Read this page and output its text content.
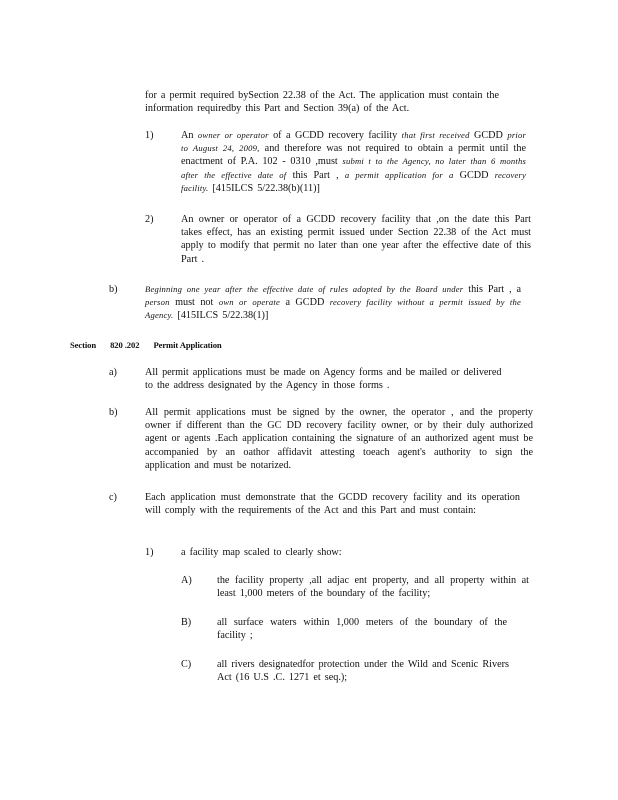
for a permit required bySection 22.38 of the Act. The application must contain the information requiredby this Part and Section 39(a) of the Act.
1)	An owner or operator of a GCDD recovery facility that first received GCDD prior to August 24, 2009, and therefore was not required to obtain a permit until the enactment of P.A. 102 - 0310 ,must submi t to the Agency, no later than 6 months after the effective date of this Part , a permit application for a GCDD recovery facility. [415ILCS 5/22.38(b)(11)]
2)	An owner or operator of a GCDD recovery facility that ,on the date this Part takes effect, has an existing permit issued under Section 22.38 of the Act must apply to modify that permit no later than one year after the effective date of this Part .
b)	Beginning one year after the effective date of rules adopted by the Board under this Part , a person must not own or operate a GCDD recovery facility without a permit issued by the Agency. [415ILCS 5/22.38(1)]
Section 820 .202 Permit Application
a)	All permit applications must be made on Agency forms and be mailed or delivered to the address designated by the Agency in those forms .
b)	All permit applications must be signed by the owner, the operator , and the property owner if different than the GC DD recovery facility owner, or by their duly authorized agent or agents .Each application containing the signature of an authorized agent must be accompanied by an oathor affidavit attesting toeach agent's authority to sign the application and must be notarized.
c)	Each application must demonstrate that the GCDD recovery facility and its operation will comply with the requirements of the Act and this Part and must contain:
1)	a facility map scaled to clearly show:
A) the facility property ,all adjac ent property, and all property within at least 1,000 meters of the boundary of the facility;
B)	all surface waters within 1,000 meters of the boundary of the facility ;
C)	all rivers designatedfor protection under the Wild and Scenic Rivers Act (16 U.S .C. 1271 et seq.);
